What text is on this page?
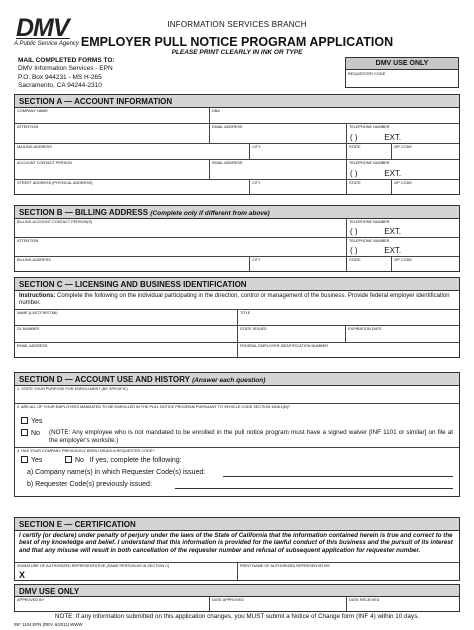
DMV
A Public Service Agency
INFORMATION SERVICES BRANCH
EMPLOYER PULL NOTICE PROGRAM APPLICATION
PLEASE PRINT CLEARLY IN INK OR TYPE
MAIL COMPLETED FORMS TO:
DMV Information Services - EPN
P.O. Box 944231 - MS H-265
Sacramento, CA 94244-2310
DMV USE ONLY
REQUESTER CODE
SECTION A — ACCOUNT INFORMATION
COMPANY NAME	DBA
ATTENTION	EMAIL ADDRESS	TELEPHONE NUMBER
( )	EXT.
MAILING ADDRESS	CITY	STATE	ZIP CODE
ACCOUNT CONTACT PERSON	EMAIL ADDRESS	TELEPHONE NUMBER
( )	EXT.
STREET ADDRESS (PHYSICAL ADDRESS)	CITY	STATE	ZIP CODE
SECTION B — BILLING ADDRESS (Complete only if different from above)
BILLING ACCOUNT CONTACT PERSON(S)	TELEPHONE NUMBER
( )	EXT.
ATTENTION	TELEPHONE NUMBER
( )	EXT.
BILLING ADDRESS	CITY	STATE	ZIP CODE
SECTION C — LICENSING AND BUSINESS IDENTIFICATION
Instructions: Complete the following on the individual participating in the direction, control or management of the business. Provide federal employer identification number.
NAME (LAST,FIRST,MI)	TITLE
DL NUMBER	STATE ISSUED	EXPIRATION DATE
EMAIL ADDRESS	FEDERAL EMPLOYER IDENTIFICATION NUMBER
SECTION D — ACCOUNT USE AND HISTORY (Answer each question)
1. STATE YOUR PURPOSE FOR ENROLLMENT (BE SPECIFIC)
2. ARE ALL OF YOUR EMPLOYEES MANDATED TO BE ENROLLED IN THE PULL NOTICE PROGRAM PURSUANT TO VEHICLE CODE SECTION 1808.1(B)?
Yes
No (NOTE: Any employee who is not mandated to be enrolled in the pull notice program must have a signed waiver [INF 1101 or similar] on file at the employer's worksite.)
3. HAS YOUR COMPANY PREVIOUSLY BEEN ISSUED A REQUESTER CODE?
Yes	No If yes, complete the following:
a) Company name(s) in which Requester Code(s) issued:
b) Requester Code(s) previously issued:
SECTION E — CERTIFICATION
I certify (or declare) under penalty of perjury under the laws of the State of California that the information contained herein is true and correct to the best of my knowledge and belief. I understand that this information is provided for the lawful conduct of this business and the pursuit of its interest and that any misuse will result in both cancellation of the requester number and refusal of subsequent application for requester number.
SIGNATURE OF AUTHORIZED REPRESENTATIVE (SAME PERSON AS IN SECTION C)
X
PRINT NAME OF AUTHORIZED REPRESENTATIVE
DMV USE ONLY
APPROVED BY	DATE APPROVED	DATE RECEIVED
NOTE: If any information submitted on this application changes, you MUST submit a Notice of Change form (INF 4) within 10 days.
INF 1104 EPN (REV. 6/2011) WWW
